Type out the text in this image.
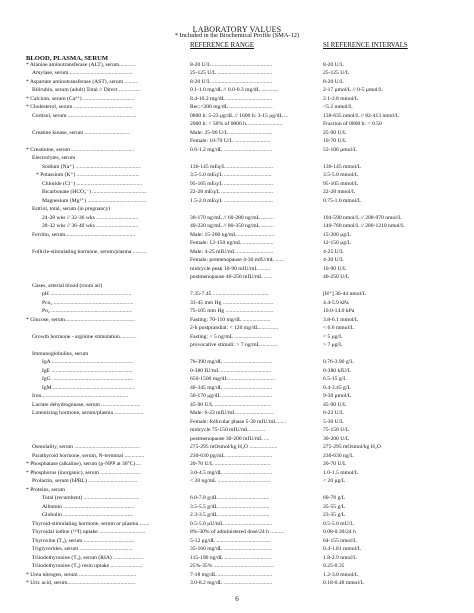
LABORATORY VALUES
* Included in the Biochemical Profile (SMA-12)
REFERENCE RANGE	SI REFERENCE INTERVALS
BLOOD, PLASMA, SERUM
* Alanine aminotransferase (ALT), serum............	8-20 U/L ...........................................	8-20 U/L
Amylase, serum .............................................	25-125 U/L .......................................	25-125 U/L
* Aspartate aminotransferase (AST), serum .........	8-20 U/L ...........................................	8-20 U/L
Bilirubin, serum (adult) Total // Direct ...............	0.1-1.0 mg/dL // 0.0-0.3 mg/dL ............	2-17 μmol/L // 0-5 μmol/L
* Calcium, serum (Ca²⁺) .....................................	8.4-10.2 mg/dL .................................	2.1-2.8 mmol/L
* Cholesterol, serum ..........................................	Rec:<200 mg/dL ...............................	<5.2 mmol/L
Cortisol, serum .................................................	0800 h: 5-23 μg/dL // 1600 h: 3-15 μg/dL ...	138-635 nmol/L // 82-413 nmol/L
2000 h: < 50% of 0800 h..........................	Fraction of 0800 h: < 0.50
Creatine kinase, serum ................................	Male: 25-90 U/L ...............................	25-90 U/L
Female: 10-70 U/L ..........................	10-70 U/L
* Creatinine, serum .............................................	0.6-1.2 mg/dL ...................................	53-106 μmol/L
Electrolytes, serum
Sodium (Na⁺) ...............................................	136-145 mEq/L .................................	136-145 mmol/L
* Potassium (K⁺) .............................................	3.5-5.0 mEq/L ..................................	3.5-5.0 mmol/L
Chloride (Cl⁻) ...............................................	95-105 mEq/L ...................................	95-105 mmol/L
Bicarbonate (HCO₃⁻) .......................................	22-28 mEq/L .....................................	22-28 mmol/L
Magnesium (Mg²⁺) ..........................................	1.5-2.0 mEq/L ...................................	0.75-1.0 mmol/L
Estriol, total, serum (in pregnancy)
24-28 wks // 32-36 wks ..............................	30-170 ng/mL // 60-280 ng/mL .........	104-590 nmol/L // 208-970 nmol/L
28-32 wks // 36-40 wks ..............................	40-220 ng/mL // 80-350 ng/mL .........	140-760 nmol/L // 280-1210 nmol/L
Ferritin, serum..................................................	Male: 15-200 ng/mL ..........................	15-200 μg/L
Female: 12-150 ng/mL ......................	12-150 μg/L
Follicle-stimulating hormone, serum/plasma ..........	Male: 4-25 mIU/mL ..........................	4-25 U/L
Female: premenopause 4-30 mIU/mL ......	4-30 U/L
midcycle peak 10-90 mIU/mL ........	10-90 U/L
postmenopause 40-250 mIU/mL ......	40-250 U/L
Gases, arterial blood (room air)
pH ..........................................................	7.35-7.45 ........................................	[H⁺] 36-44 nmol/L
Pco₂ .........................................................	33-45 mm Hg ....................................	4.4-5.9 kPa
Po₂ ..........................................................	75-105 mm Hg ..................................	10.0-14.0 kPa
* Glucose, serum..................................................	Fasting: 70-110 mg/dL ....................	3.8-6.1 mmol/L
2-h postprandial: < 120 mg/dL..............	< 6.6 mmol/L
Growth hormone - arginine stimulation............	Fasting: < 5 ng/mL ...........................	< 5 μg/L
provocative stimuli: > 7 ng/mL ............	> 7 μg/L
Immunoglobulins, serum
IgA ..........................................................	76-390 mg/dL ...................................	0.76-3.90 g/L
IgE ..........................................................	0-380 IU/mL ....................................	0-380 kIU/L
IgG ..........................................................	650-1500 mg/dL .................................	6.5-15 g/L
IgM ..........................................................	40-345 mg/dL ...................................	0.4-3.45 g/L
Iron..............................................................	50-170 μg/dL ....................................	9-30 μmol/L
Lactate dehydrogenase, serum ............................	45-90 U/L ........................................	45-90 U/L
Luteinizing hormone, serum/plasma .....................	Male: 6-23 mIU/mL ..........................	6-23 U/L
Female: follicular phase 5-30 mIU/mL ......	5-30 U/L
midcycle 75-150 mIU/mL ...........	75-150 U/L
postmenopause 30-200 mIU/mL ....	30-200 U/L
Osmolality, serum ...............................................	275-295 mOsmol/kg H₂O ....................	275-295 mOsmol/kg H₂O
Parathyroid hormone, serum, N-terminal ..............	230-630 pg/mL .................................	230-630 ng/L
* Phosphatase (alkaline), serum (p-NPP at 30°C)....	20-70 U/L ........................................	20-70 U/L
* Phosphorus (inorganic), serum .............................	3.0-4.5 mg/dL ...................................	1.0-1.5 mmol/L
Prolactin, serum (hPRL) ...................................	< 20 ng/mL ......................................	< 20 μg/L
* Proteins, serum
Total (recumbent) ........................................	6.0-7.8 g/dL ....................................	60-78 g/L
Albumin ...................................................	3.5-5.5 g/dL ....................................	35-55 g/L
Globulin ..................................................	2.3-3.5 g/dL ....................................	23-35 g/L
Thyroid-stimulating hormone, serum or plasma .......	0.5-5.0 μU/mL ..................................	0.5-5.0 mU/L
Thyroidal iodine (¹²³I) uptake .................................	8%-30% of administered dose/24 h ..........	0.08-0.30/24 h
Thyroxine (T₄), serum ....................................	5-12 μg/dL .......................................	64-155 nmol/L
Triglycerides, serum ......................................	35-160 mg/dL ...................................	0.4-1.81 mmol/L
Triiodothyronine (T₃), serum (RIA) ......................	115-190 ng/dL ..................................	1.8-2.9 nmol/L
Triiodothyronine (T₃) resin uptake .......................	25%-35% ...........................................	0.25-0.35
* Urea nitrogen, serum .........................................	7-18 mg/dL .......................................	1.2-3.0 mmol/L
* Uric acid, serum.................................................	3.0-8.2 mg/dL ...................................	0.18-0.48 mmol/L
6
